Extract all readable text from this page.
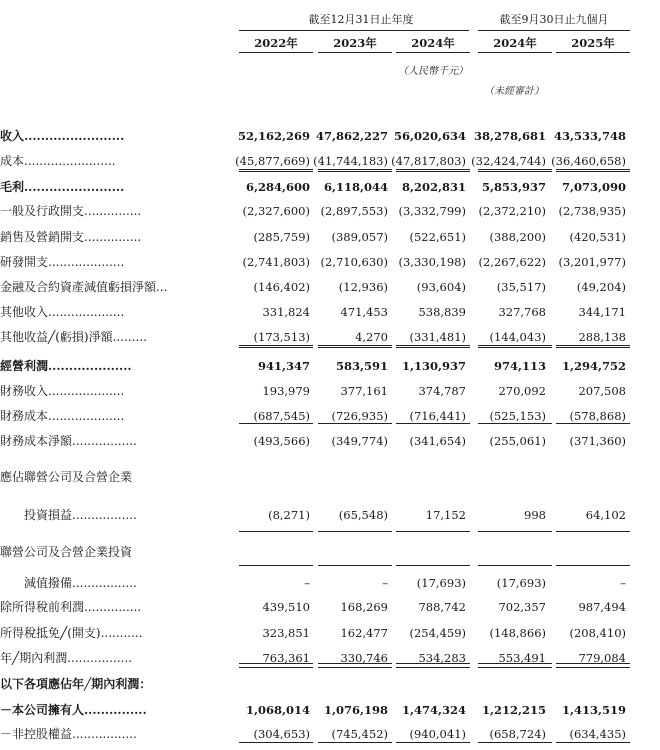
截至12月31日止年度	截至9月30日止九個月
2022年	2023年	2024年	2024年	2025年
（人民幣千元）
（未經審計）
收入........................	52,162,269 47,862,227 56,020,634 38,278,681 43,533,748
成本........................	(45,877,669) (41,744,183) (47,817,803) (32,424,744) (36,460,658)
毛利........................	6,284,600	6,118,044	8,202,831	5,853,937	7,073,090
一般及行政開支...............	(2,327,600) (2,897,553) (3,332,799)	(2,372,210)	(2,738,935)
銷售及營銷開支...............	(285,759)	(389,057)	(522,651)	(388,200)	(420,531)
研發開支....................	(2,741,803) (2,710,630) (3,330,198)	(2,267,622)	(3,201,977)
金融及合約資產減值虧損淨額...	(146,402)	(12,936)	(93,604)	(35,517)	(49,204)
其他收入....................	331,824	471,453	538,839	327,768	344,171
其他收益╱(虧損)淨額.........	(173,513)	4,270	(331,481)	(144,043)	288,138
經營利潤....................	941,347	583,591	1,130,937	974,113	1,294,752
財務收入....................	193,979	377,161	374,787	270,092	207,508
財務成本....................	(687,545)	(726,935)	(716,441)	(525,153)	(578,868)
財務成本淨額.................	(493,566)	(349,774)	(341,654)	(255,061)	(371,360)
應佔聯營公司及合營企業
　　投資損益.................	(8,271)	(65,548)	17,152	998	64,102
聯營公司及合營企業投資
　　減值撥備.................	–	–	(17,693)	(17,693)	–
除所得稅前利潤...............	439,510	168,269	788,742	702,357	987,494
所得稅抵免╱(開支)...........	323,851	162,477	(254,459)	(148,866)	(208,410)
年╱期內利潤.................	763,361	330,746	534,283	553,491	779,084
以下各項應佔年╱期內利潤：
－本公司擁有人...............	1,068,014	1,076,198	1,474,324	1,212,215	1,413,519
－非控股權益.................	(304,653)	(745,452)	(940,041)	(658,724)	(634,435)
